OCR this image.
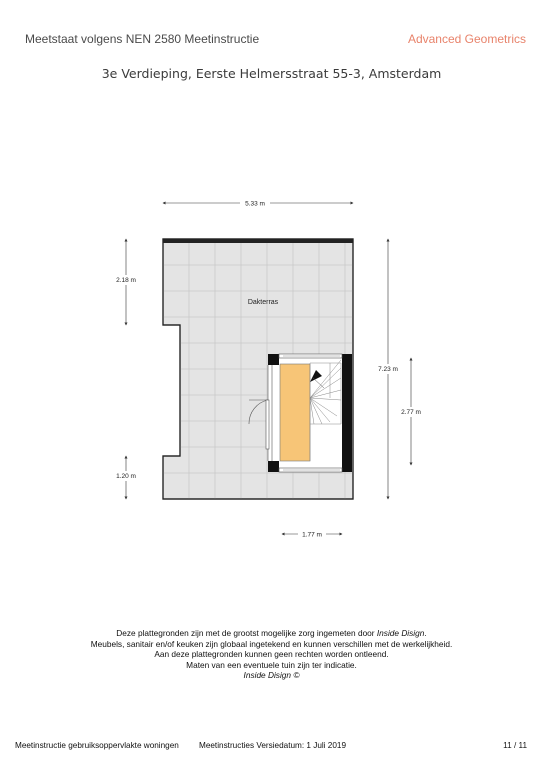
Meetstaat volgens NEN 2580 Meetinstructie	Advanced Geometrics
3e Verdieping, Eerste Helmersstraat 55-3, Amsterdam
Dakterras
5.33 m
2.18 m
1.20 m
7.23 m
2.77 m
1.77 m
Deze plattegronden zijn met de grootst mogelijke zorg ingemeten door Inside Disign.
Meubels, sanitair en/of keuken zijn globaal ingetekend en kunnen verschillen met de werkelijkheid.
Aan deze plattegronden kunnen geen rechten worden ontleend.
Maten van een eventuele tuin zijn ter indicatie.
Inside Disign ©
Meetinstructie gebruiksoppervlakte woningen Meetinstructies Versiedatum: 1 Juli 2019	11 / 11
